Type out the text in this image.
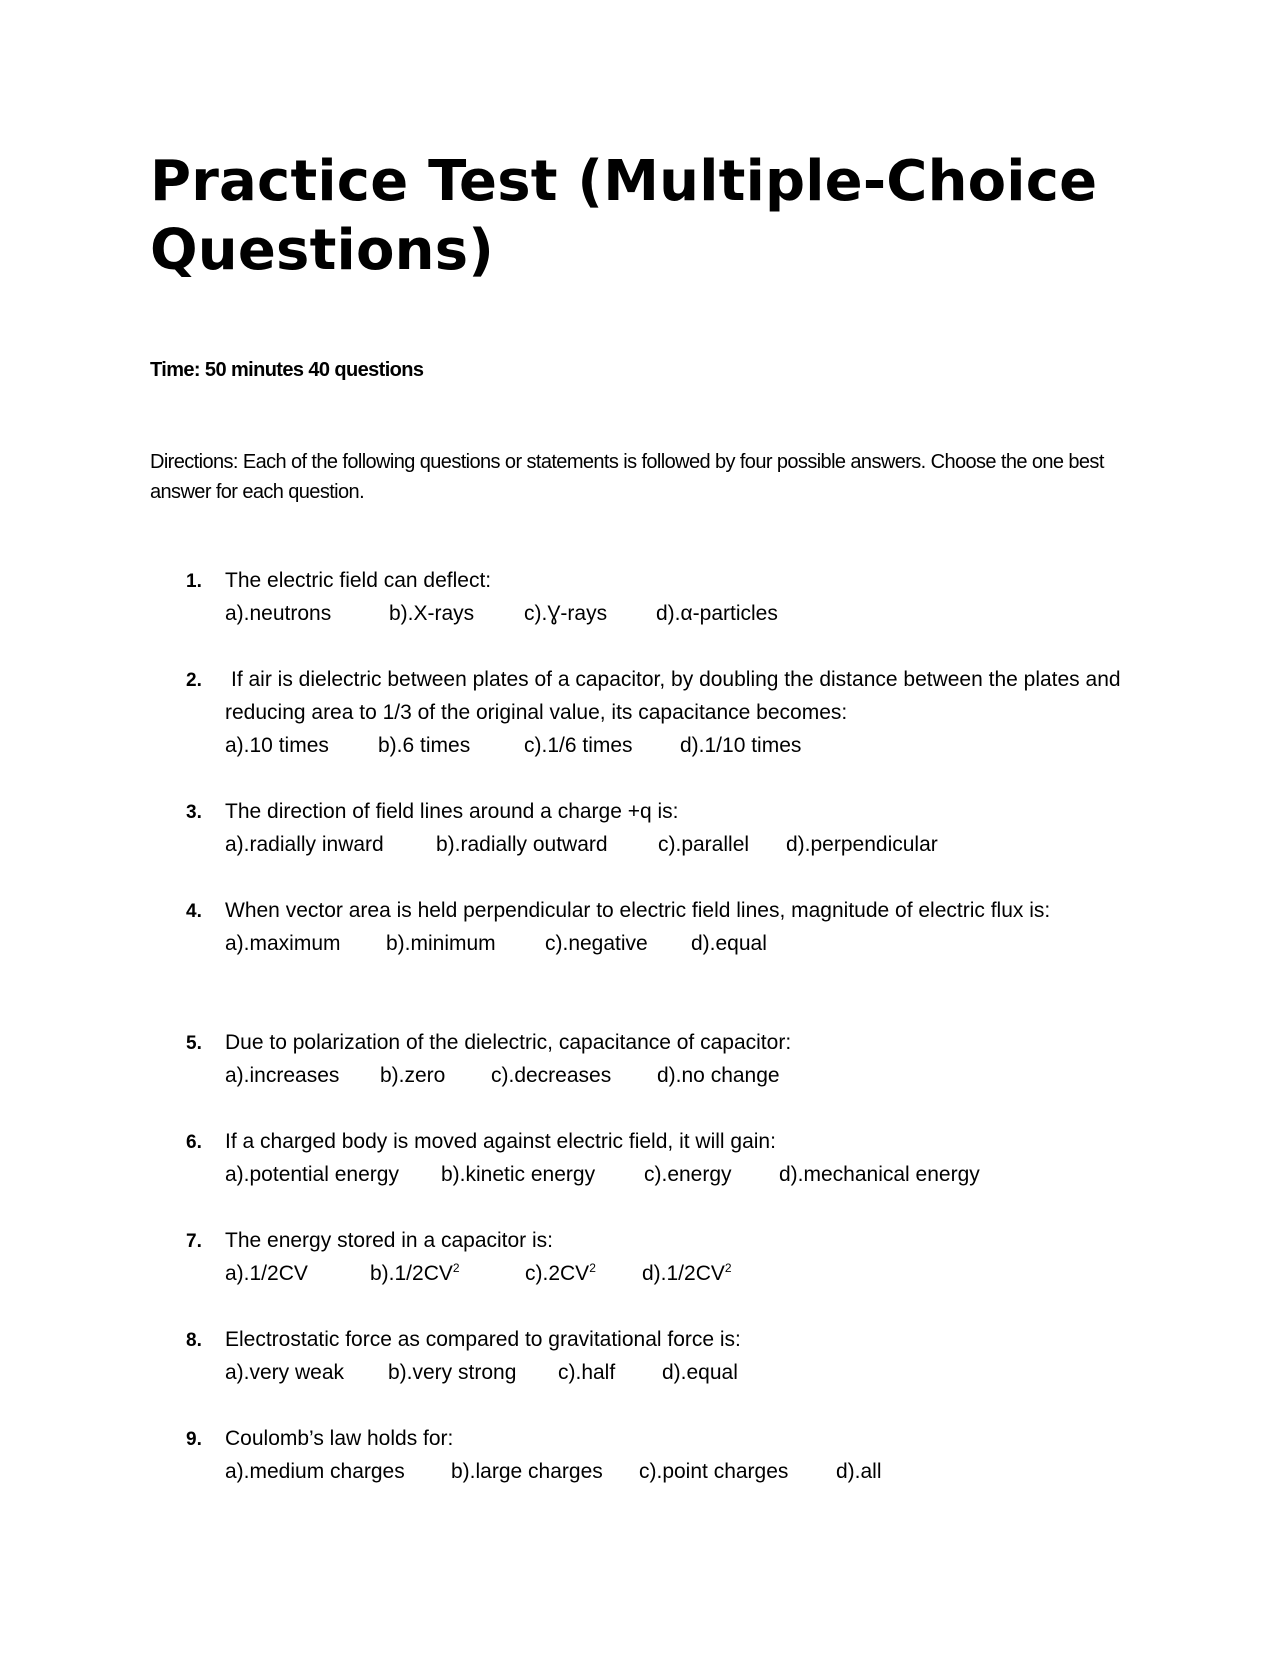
Practice Test (Multiple-Choice Questions)

Time: 50 minutes 40 questions

Directions: Each of the following questions or statements is followed by four possible answers. Choose the one best answer for each question.

1. The electric field can deflect:
a).neutrons	b).X-rays c).Ɣ-rays d).α-particles
2. If air is dielectric between plates of a capacitor, by doubling the distance between the plates and reducing area to 1/3 of the original value, its capacitance becomes:
a).10 times b).6 times	c).1/6 times d).1/10 times
3. The direction of field lines around a charge +q is:
a).radially inward b).radially outward c).parallel d).perpendicular
4. When vector area is held perpendicular to electric field lines, magnitude of electric flux is:
a).maximum b).minimum c).negative d).equal
5. Due to polarization of the dielectric, capacitance of capacitor:
a).increases b).zero c).decreases d).no change
6. If a charged body is moved against electric field, it will gain:
a).potential energy b).kinetic energy c).energy d).mechanical energy
7. The energy stored in a capacitor is:
a).1/2CV	$b).1/2CV^2$	$c).2CV^2$ $d).1/2CV^2$
8. Electrostatic force as compared to gravitational force is:
a).very weak b).very strong c).half d).equal
9. Coulomb’s law holds for:
a).medium charges b).large charges c).point charges d).all
